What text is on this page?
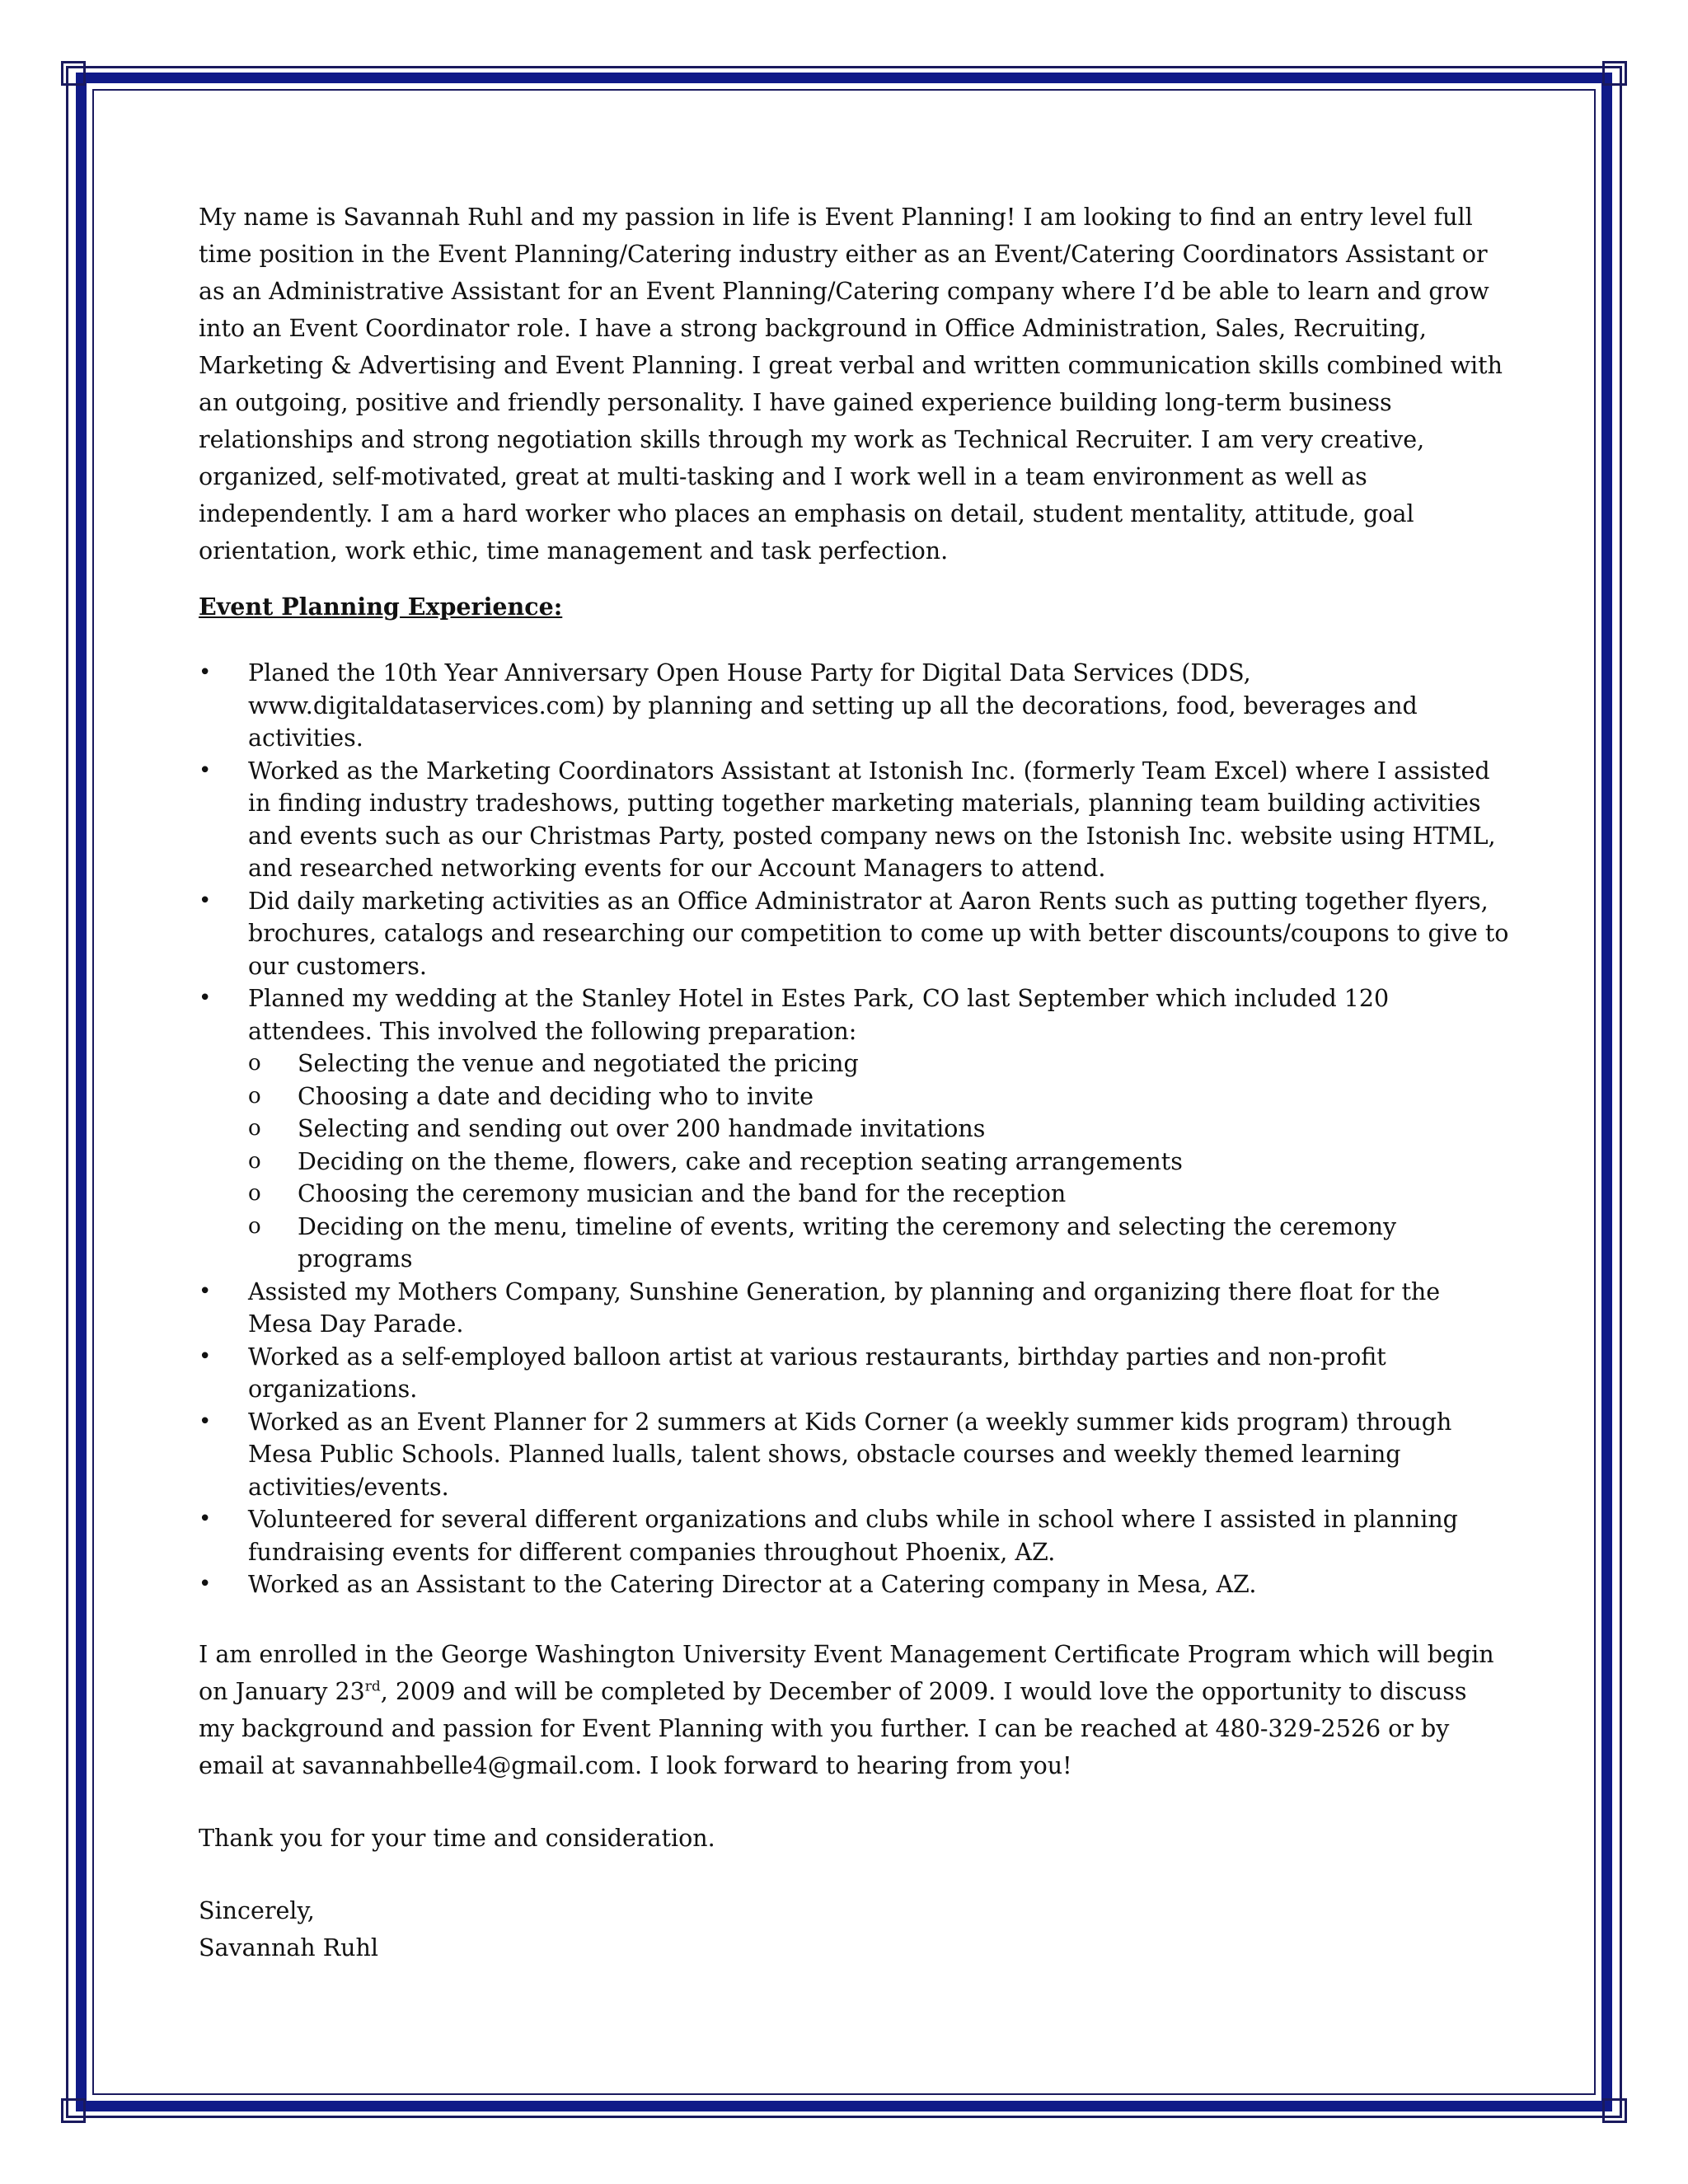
My name is Savannah Ruhl and my passion in life is Event Planning! I am looking to find an entry level full time position in the Event Planning/Catering industry either as an Event/Catering Coordinators Assistant or as an Administrative Assistant for an Event Planning/Catering company where I’d be able to learn and grow into an Event Coordinator role. I have a strong background in Office Administration, Sales, Recruiting, Marketing & Advertising and Event Planning. I great verbal and written communication skills combined with an outgoing, positive and friendly personality. I have gained experience building long-term business relationships and strong negotiation skills through my work as Technical Recruiter. I am very creative, organized, self-motivated, great at multi-tasking and I work well in a team environment as well as independently. I am a hard worker who places an emphasis on detail, student mentality, attitude, goal orientation, work ethic, time management and task perfection.

Event Planning Experience:

• Planed the 10th Year Anniversary Open House Party for Digital Data Services (DDS, www.digitaldataservices.com) by planning and setting up all the decorations, food, beverages and activities.
• Worked as the Marketing Coordinators Assistant at Istonish Inc. (formerly Team Excel) where I assisted in finding industry tradeshows, putting together marketing materials, planning team building activities and events such as our Christmas Party, posted company news on the Istonish Inc. website using HTML, and researched networking events for our Account Managers to attend.
• Did daily marketing activities as an Office Administrator at Aaron Rents such as putting together flyers, brochures, catalogs and researching our competition to come up with better discounts/coupons to give to our customers.
• Planned my wedding at the Stanley Hotel in Estes Park, CO last September which included 120 attendees. This involved the following preparation:
o Selecting the venue and negotiated the pricing
o Choosing a date and deciding who to invite
o Selecting and sending out over 200 handmade invitations
o Deciding on the theme, flowers, cake and reception seating arrangements
o Choosing the ceremony musician and the band for the reception
o Deciding on the menu, timeline of events, writing the ceremony and selecting the ceremony programs
• Assisted my Mothers Company, Sunshine Generation, by planning and organizing there float for the Mesa Day Parade.
• Worked as a self-employed balloon artist at various restaurants, birthday parties and non-profit organizations.
• Worked as an Event Planner for 2 summers at Kids Corner (a weekly summer kids program) through Mesa Public Schools. Planned lualls, talent shows, obstacle courses and weekly themed learning activities/events.
• Volunteered for several different organizations and clubs while in school where I assisted in planning fundraising events for different companies throughout Phoenix, AZ.
• Worked as an Assistant to the Catering Director at a Catering company in Mesa, AZ.

I am enrolled in the George Washington University Event Management Certificate Program which will begin on January 23rd, 2009 and will be completed by December of 2009. I would love the opportunity to discuss my background and passion for Event Planning with you further. I can be reached at 480-329-2526 or by email at savannahbelle4@gmail.com. I look forward to hearing from you!

Thank you for your time and consideration.

Sincerely,
Savannah Ruhl
